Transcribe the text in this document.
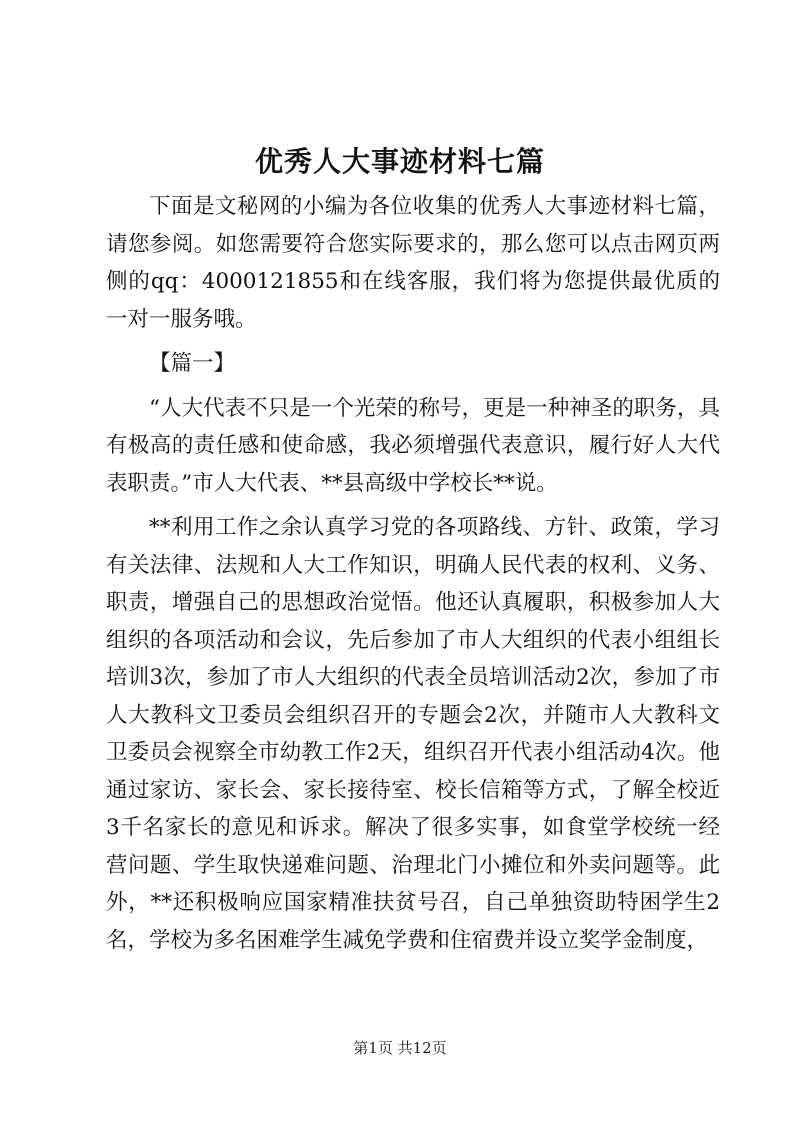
优秀人大事迹材料七篇

下面是文秘网的小编为各位收集的优秀人大事迹材料七篇，请您参阅。如您需要符合您实际要求的，那么您可以点击网页两侧的qq：4000121855和在线客服，我们将为您提供最优质的一对一服务哦。

【篇一】

“人大代表不只是一个光荣的称号，更是一种神圣的职务，具有极高的责任感和使命感，我必须增强代表意识，履行好人大代表职责。”市人大代表、**县高级中学校长**说。

**利用工作之余认真学习党的各项路线、方针、政策，学习有关法律、法规和人大工作知识，明确人民代表的权利、义务、职责，增强自己的思想政治觉悟。他还认真履职，积极参加人大组织的各项活动和会议，先后参加了市人大组织的代表小组组长培训3次，参加了市人大组织的代表全员培训活动2次，参加了市人大教科文卫委员会组织召开的专题会2次，并随市人大教科文卫委员会视察全市幼教工作2天，组织召开代表小组活动4次。他通过家访、家长会、家长接待室、校长信箱等方式，了解全校近3千名家长的意见和诉求。解决了很多实事，如食堂学校统一经营问题、学生取快递难问题、治理北门小摊位和外卖问题等。此外，**还积极响应国家精准扶贫号召，自己单独资助特困学生2名，学校为多名困难学生减免学费和住宿费并设立奖学金制度，

第1页 共12页
